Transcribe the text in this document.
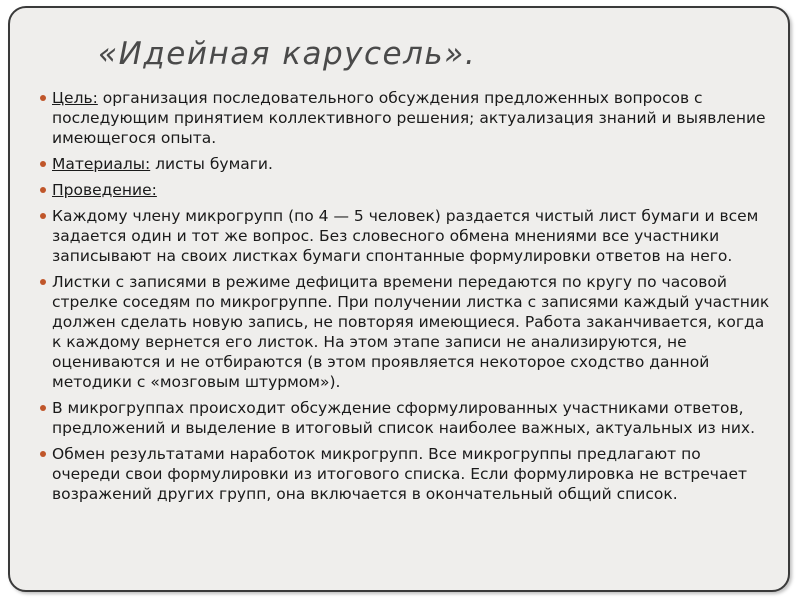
«Идейная карусель».
Цель: организация последовательного обсуждения предложенных вопросов с последующим принятием коллективного решения; актуализация знаний и выявление имеющегося опыта.
Материалы: листы бумаги.
Проведение:
Каждому члену микрогрупп (по 4 — 5 человек) раздается чистый лист бумаги и всем задается один и тот же вопрос. Без словесного обмена мнениями все участники записывают на своих листках бумаги спонтанные формулировки ответов на него.
Листки с записями в режиме дефицита времени передаются по кругу по часовой стрелке соседям по микрогруппе. При получении листка с записями каждый участник должен сделать новую запись, не повторяя имеющиеся. Работа заканчивается, когда к каждому вернется его листок. На этом этапе записи не анализируются, не оцениваются и не отбираются (в этом проявляется некоторое сходство данной методики с «мозговым штурмом»).
В микрогруппах происходит обсуждение сформулированных участниками ответов, предложений и выделение в итоговый список наиболее важных, актуальных из них.
Обмен результатами наработок микрогрупп. Все микрогруппы предлагают по очереди свои формулировки из итогового списка. Если формулировка не встречает возражений других групп, она включается в окончательный общий список.
